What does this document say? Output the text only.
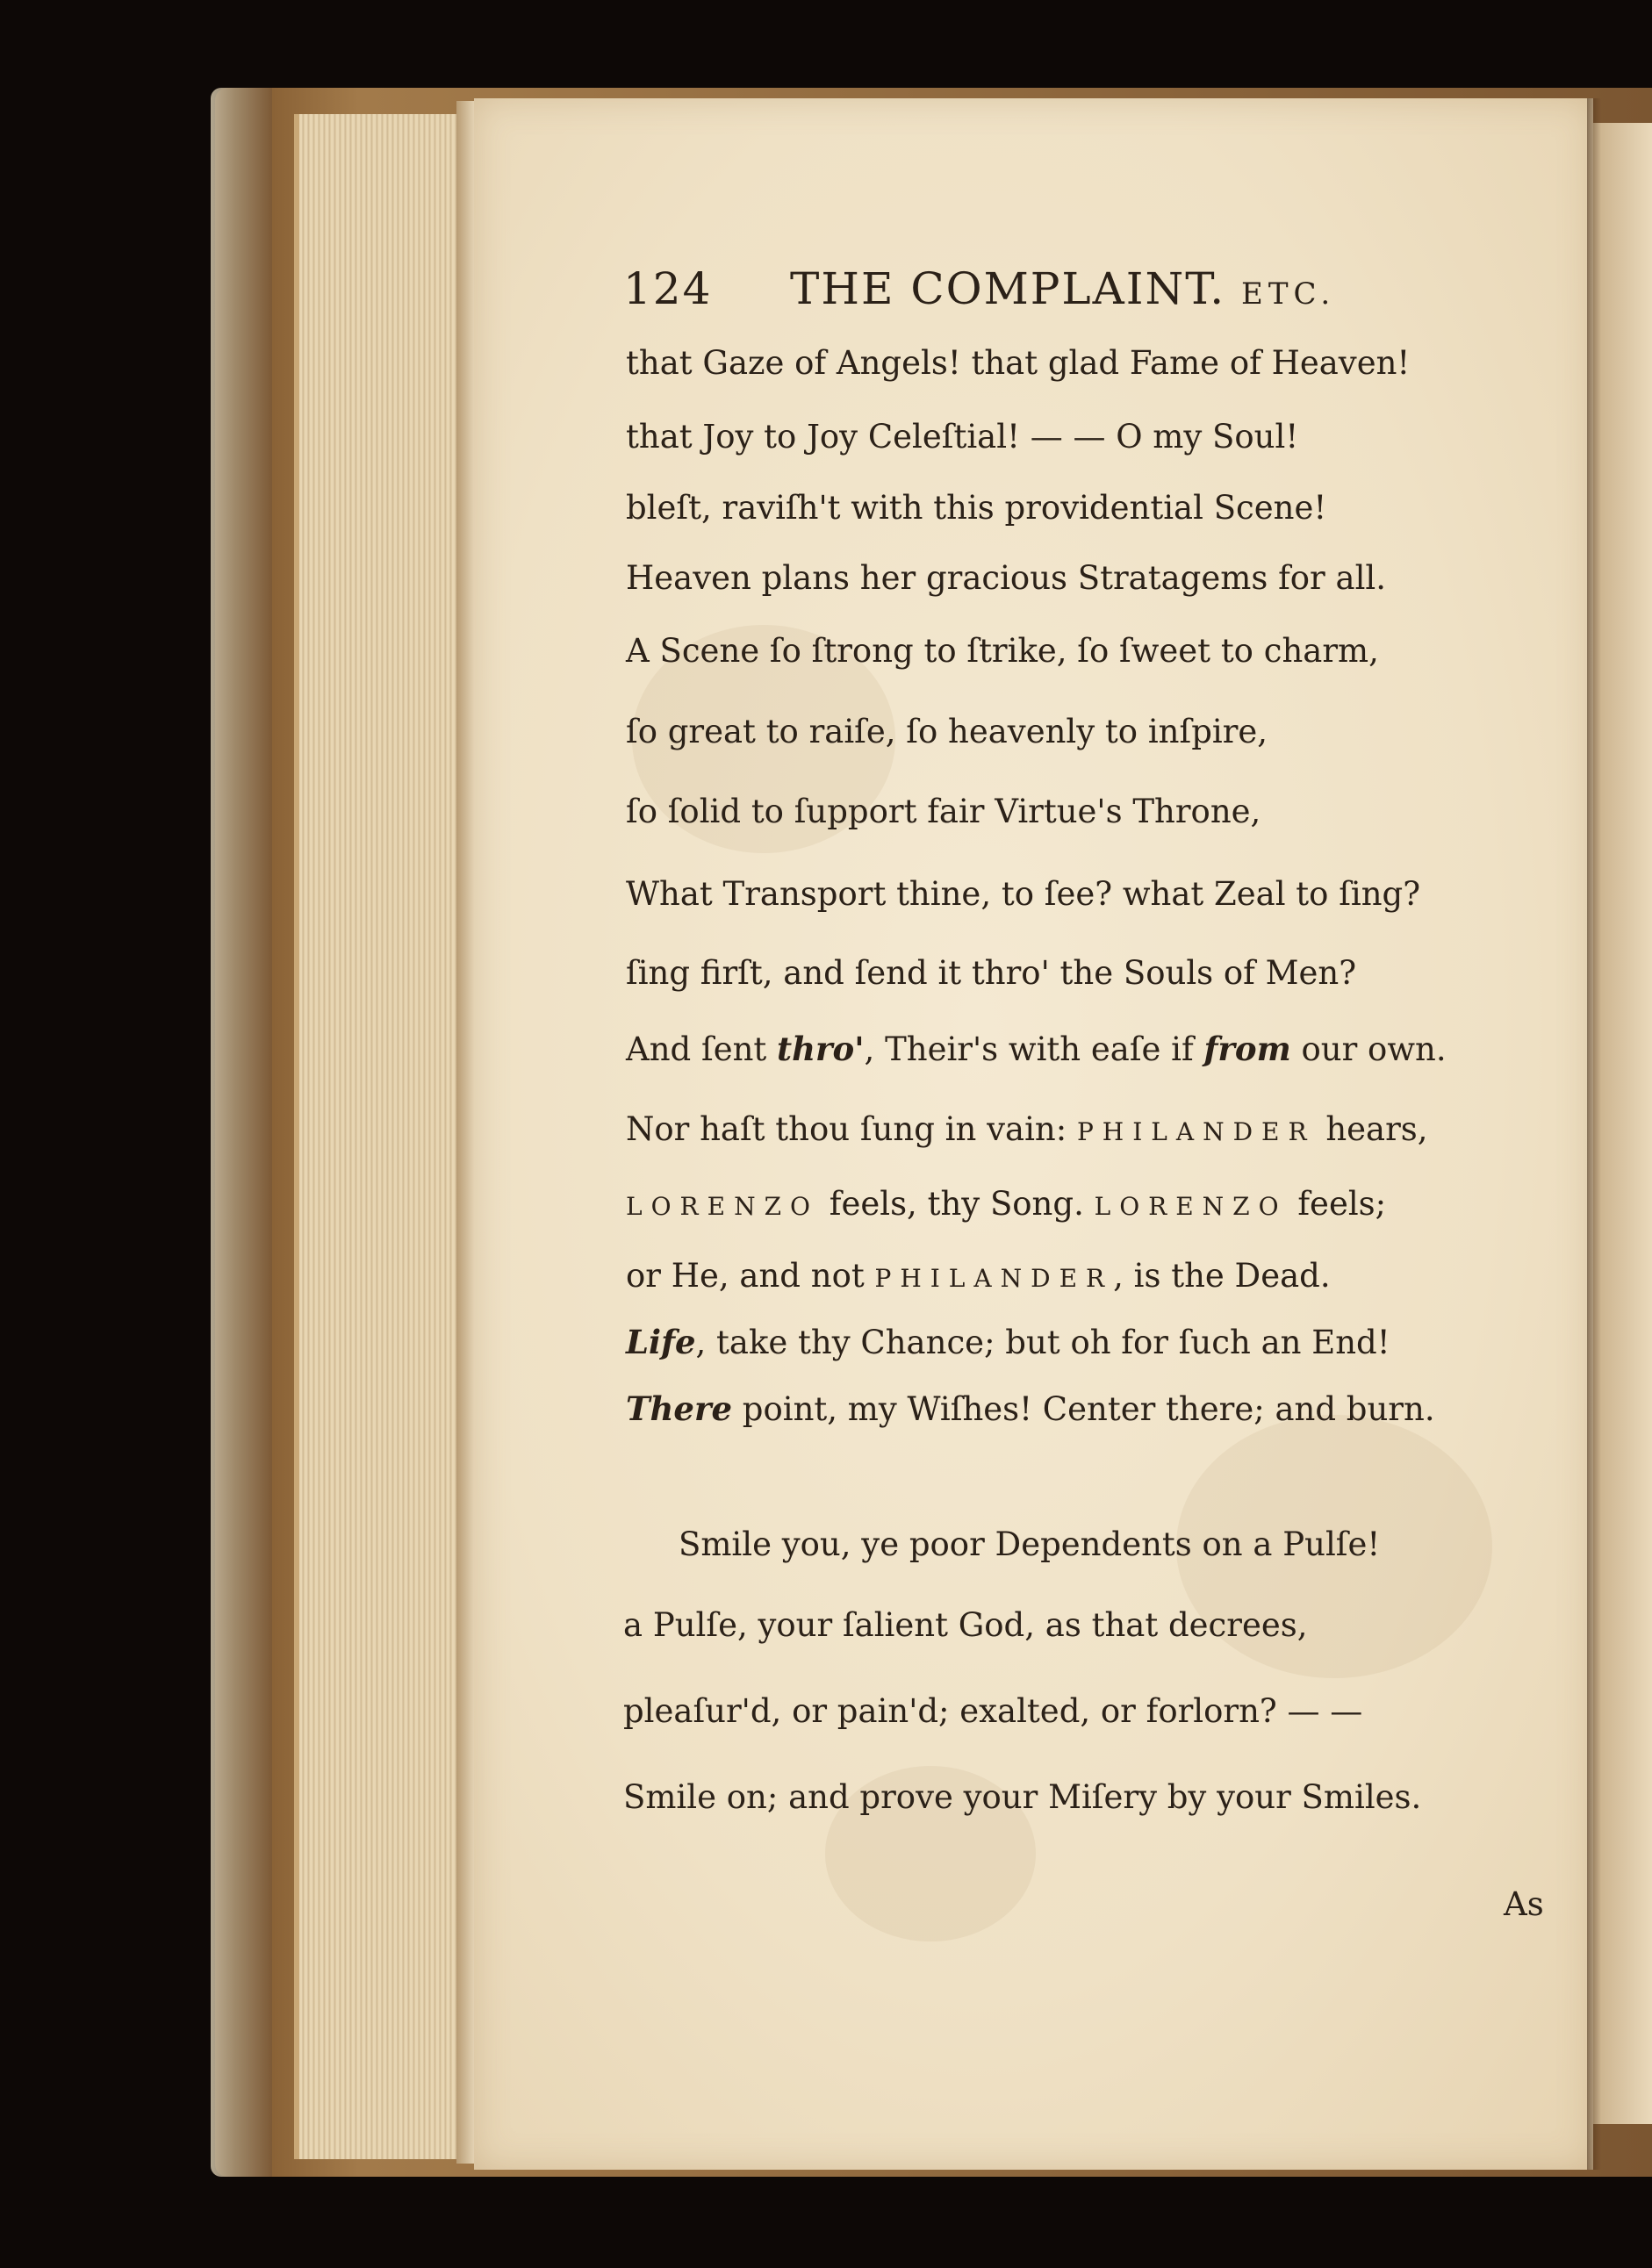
124 THE COMPLAINT. ETC.
that Gaze of Angels! that glad Fame of Heaven!
that Joy to Joy Celeſtial! — — O my Soul!
bleſt, raviſh't with this providential Scene!
Heaven plans her gracious Stratagems for all.
A Scene ſo ſtrong to ſtrike, ſo ſweet to charm,
ſo great to raiſe, ſo heavenly to inſpire,
ſo ſolid to ſupport fair Virtue's Throne,
What Transport thine, to ſee? what Zeal to ſing?
ſing firſt, and ſend it thro' the Souls of Men?
And ſent thro', Their's with eaſe if from our own.
Nor haſt thou ſung in vain: PHILANDER hears,
LORENZO feels, thy Song. LORENZO feels;
or He, and not PHILANDER, is the Dead.
Life, take thy Chance; but oh for ſuch an End!
There point, my Wiſhes! Center there; and burn.
Smile you, ye poor Dependents on a Pulſe!
a Pulſe, your ſalient God, as that decrees,
pleaſur'd, or pain'd; exalted, or forlorn? — —
Smile on; and prove your Miſery by your Smiles.
As
